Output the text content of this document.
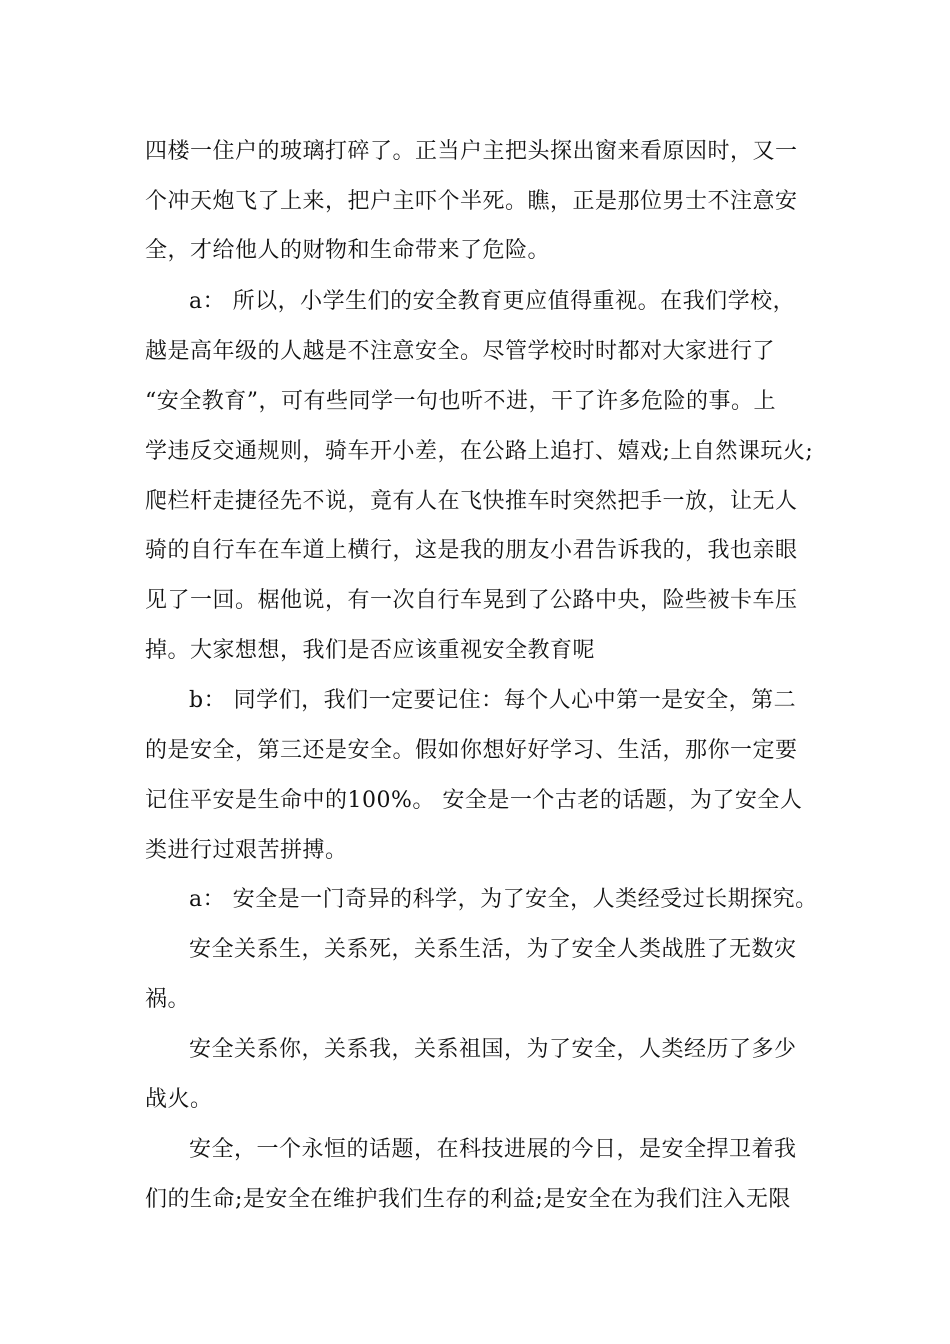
四楼一住户的玻璃打碎了。正当户主把头探出窗来看原因时，又一
个冲天炮飞了上来，把户主吓个半死。瞧，正是那位男士不注意安
全，才给他人的财物和生命带来了危险。
a： 所以，小学生们的安全教育更应值得重视。在我们学校，
越是高年级的人越是不注意安全。尽管学校时时都对大家进行了
“安全教育”，可有些同学一句也听不进，干了许多危险的事。上
学违反交通规则，骑车开小差，在公路上追打、嬉戏;上自然课玩火;
爬栏杆走捷径先不说，竟有人在飞快推车时突然把手一放，让无人
骑的自行车在车道上横行，这是我的朋友小君告诉我的，我也亲眼
见了一回。椐他说，有一次自行车晃到了公路中央，险些被卡车压
掉。大家想想，我们是否应该重视安全教育呢
b： 同学们，我们一定要记住：每个人心中第一是安全，第二
的是安全，第三还是安全。假如你想好好学习、生活，那你一定要
记住平安是生命中的100%。 安全是一个古老的话题，为了安全人
类进行过艰苦拼搏。
a： 安全是一门奇异的科学，为了安全，人类经受过长期探究。
安全关系生，关系死，关系生活，为了安全人类战胜了无数灾
祸。
安全关系你，关系我，关系祖国，为了安全，人类经历了多少
战火。
安全，一个永恒的话题，在科技进展的今日，是安全捍卫着我
们的生命;是安全在维护我们生存的利益;是安全在为我们注入无限
